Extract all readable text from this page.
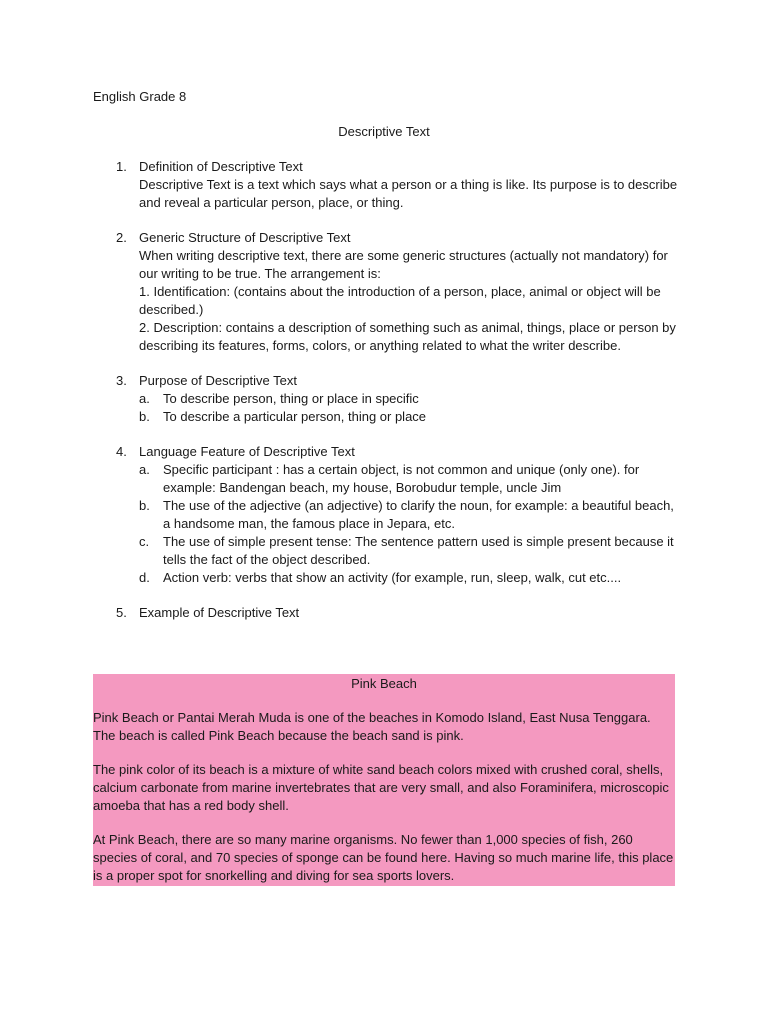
English Grade 8
Descriptive Text
1. Definition of Descriptive Text
Descriptive Text is a text which says what a person or a thing is like. Its purpose is to describe and reveal a particular person, place, or thing.
2. Generic Structure of Descriptive Text
When writing descriptive text, there are some generic structures (actually not mandatory) for our writing to be true. The arrangement is:
1. Identification: (contains about the introduction of a person, place, animal or object will be described.)
2. Description: contains a description of something such as animal, things, place or person by describing its features, forms, colors, or anything related to what the writer describe.
3. Purpose of Descriptive Text
a. To describe person, thing or place in specific
b. To describe a particular person, thing or place
4. Language Feature of Descriptive Text
a. Specific participant : has a certain object, is not common and unique (only one). for example: Bandengan beach, my house, Borobudur temple, uncle Jim
b. The use of the adjective (an adjective) to clarify the noun, for example: a beautiful beach, a handsome man, the famous place in Jepara, etc.
c. The use of simple present tense: The sentence pattern used is simple present because it tells the fact of the object described.
d. Action verb: verbs that show an activity (for example, run, sleep, walk, cut etc....
5. Example of Descriptive Text
Pink Beach
Pink Beach or Pantai Merah Muda is one of the beaches in Komodo Island, East Nusa Tenggara. The beach is called Pink Beach because the beach sand is pink.
The pink color of its beach is a mixture of white sand beach colors mixed with crushed coral, shells, calcium carbonate from marine invertebrates that are very small, and also Foraminifera, microscopic amoeba that has a red body shell.
At Pink Beach, there are so many marine organisms. No fewer than 1,000 species of fish, 260 species of coral, and 70 species of sponge can be found here. Having so much marine life, this place is a proper spot for snorkelling and diving for sea sports lovers.
